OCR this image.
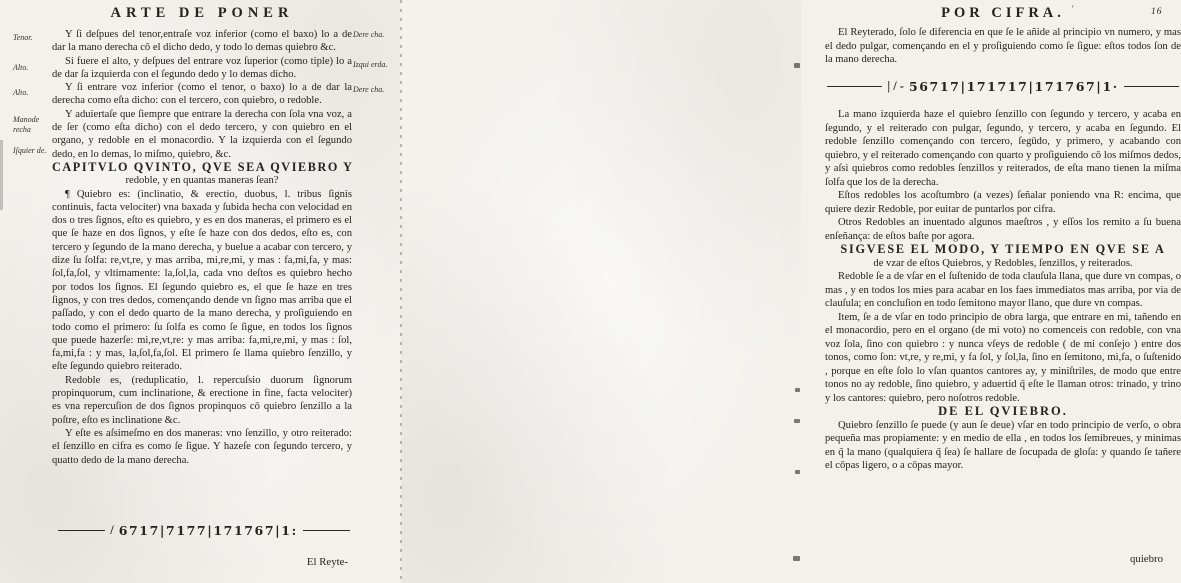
ARTE DE PONER
Tenor.
Alto.
Alto.
Manode recha
Iſquier de.
Dere cha.
Izqui erda.
Dere cha.

Y ſi deſpues del tenor,entraſe voz inferior (como el baxo) lo a de dar la mano derecha cō el dicho dedo, y todo lo demas quiebro &c.

Si fuere el alto, y deſpues del entrare voz ſuperior (como tiple) lo a de dar ſa izquierda con el ſegundo dedo y lo demas dicho.

Y ſi entrare voz inferior (como el tenor, o baxo) lo a de dar la derecha como eſta dicho: con el tercero, con quiebro, o redoble.

Y aduiertaſe que ſiempre que entrare la derecha con ſola vna voz, a de ſer (como eſta dicho) con el dedo tercero, y con quiebro en el organo, y redoble en el monacordio. Y la izquierda con el ſegundo dedo, en lo demas, lo miſmo, quiebro, &c.

CAPITVLO QVINTO, QVE SEA QVIEBRO Y

redoble, y en quantas maneras ſean?

¶ Quiebro es: (inclinatio, & erectio, duobus, l. tribus ſignis continuis, facta velociter) vna baxada y ſubida hecha con velocidad en dos o tres ſignos, eſto es quiebro, y es en dos maneras, el primero es el que ſe haze en dos ſignos, y eſte ſe haze con dos dedos, eſto es, con tercero y ſegundo de la mano derecha, y buelue a acabar con tercero, y dize ſu ſolfa: re,vt,re, y mas arriba, mi,re,mi, y mas : fa,mi,fa, y mas: ſol,fa,ſol, y vltimamente: la,ſol,la, cada vno deſtos es quiebro hecho por todos los ſignos. El ſegundo quiebro es, el que ſe haze en tres ſignos, y con tres dedos, començando dende vn ſigno mas arriba que el paſſado, y con el dedo quarto de la mano derecha, y proſiguiendo en todo como el primero: ſu ſolfa es como ſe ſigue, en todos los ſignos que puede hazerſe: mi,re,vt,re: y mas arriba: fa,mi,re,mi, y mas : ſol, fa,mi,fa : y mas, la,ſol,fa,ſol. El primero ſe llama quiebro ſenzillo, y eſte ſegundo quiebro reiterado.

Redoble es, (reduplicatio, l. repercuſsio duorum ſignorum propinquorum, cum inclinatione, & erectione in fine, facta velociter) es vna repercuſion de dos ſignos propinquos cō quiebro ſenzillo a la poſtre, eſto es inclinatione &c.

Y eſte es aſsimeſmo en dos maneras: vno ſenzillo, y otro reiterado: el ſenzillo en cifra es como ſe ſigue. Y hazeſe con ſegundo tercero, y quatto dedo de la mano derecha.

/ 6717|7177|171767|1:
El Reyte-
POR CIFRA. '	16

El Reyterado, ſolo ſe diferencia en que ſe le añide al principio vn numero, y mas el dedo pulgar, començando en el y proſiguiendo como ſe ſigue: eſtos todos ſon de la mano derecha.

| / - 56717|171717|171767|1·

La mano izquierda haze el quiebro ſenzillo con ſegundo y tercero, y acaba en ſegundo, y el reiterado con pulgar, ſegundo, y tercero, y acaba en ſegundo. El redoble ſenzillo començando con tercero, ſegūdo, y primero, y acabando con quiebro, y el reiterado començando con quarto y proſiguiendo cō los miſmos dedos, y aſsi quiebros como redobles ſenzillos y reiterados, de eſta mano tienen la miſma ſolfa que los de la derecha.

Eſtos redobles los acoſtumbro (a vezes) ſeñalar poniendo vna R: encima, que quiere dezir Redoble, por euitar de puntarlos por cifra.

Otros Redobles an inuentado algunos maeſtros , y eſſos los remito a ſu buena enſeñança: de eſtos baſte por agora.

SIGVESE EL MODO, Y TIEMPO EN QVE SE A

de vzar de eſtos Quiebros, y Redobles, ſenzillos, y reiterados.

Redoble ſe a de vſar en el ſuſtenido de toda clauſula llana, que dure vn compas, o mas , y en todos los mies para acabar en los faes immediatos mas arriba, por via de clauſula; en concluſion en todo ſemitono mayor llano, que dure vn compas.

Item, ſe a de vſar en todo principio de obra larga, que entrare en mi, tañendo en el monacordio, pero en el organo (de mi voto) no comenceis con redoble, con vna voz ſola, ſino con quiebro : y nunca vſeys de redoble ( de mi conſejo ) entre dos tonos, como ſon: vt,re, y re,mi, y fa ſol, y ſol,la, ſino en ſemitono, mi,fa, o ſuſtenido , porque en eſte ſolo lo vſan quantos cantores ay, y miniſtriles, de modo que entre tonos no ay redoble, ſino quiebro, y aduertid q̃ eſte le llaman otros: trinado, y trino y los cantores: quiebro, pero noſotros redoble.

DE EL QVIEBRO.

Quiebro ſenzillo ſe puede (y aun ſe deue) vſar en todo principio de verſo, o obra pequeña mas propiamente: y en medio de ella , en todos los ſemibreues, y minimas en q̃ la mano (qualquiera q̃ ſea) ſe hallare de ſocupada de gloſa: y quando ſe tañere el cōpas ligero, o a cōpas mayor.

quiebro
